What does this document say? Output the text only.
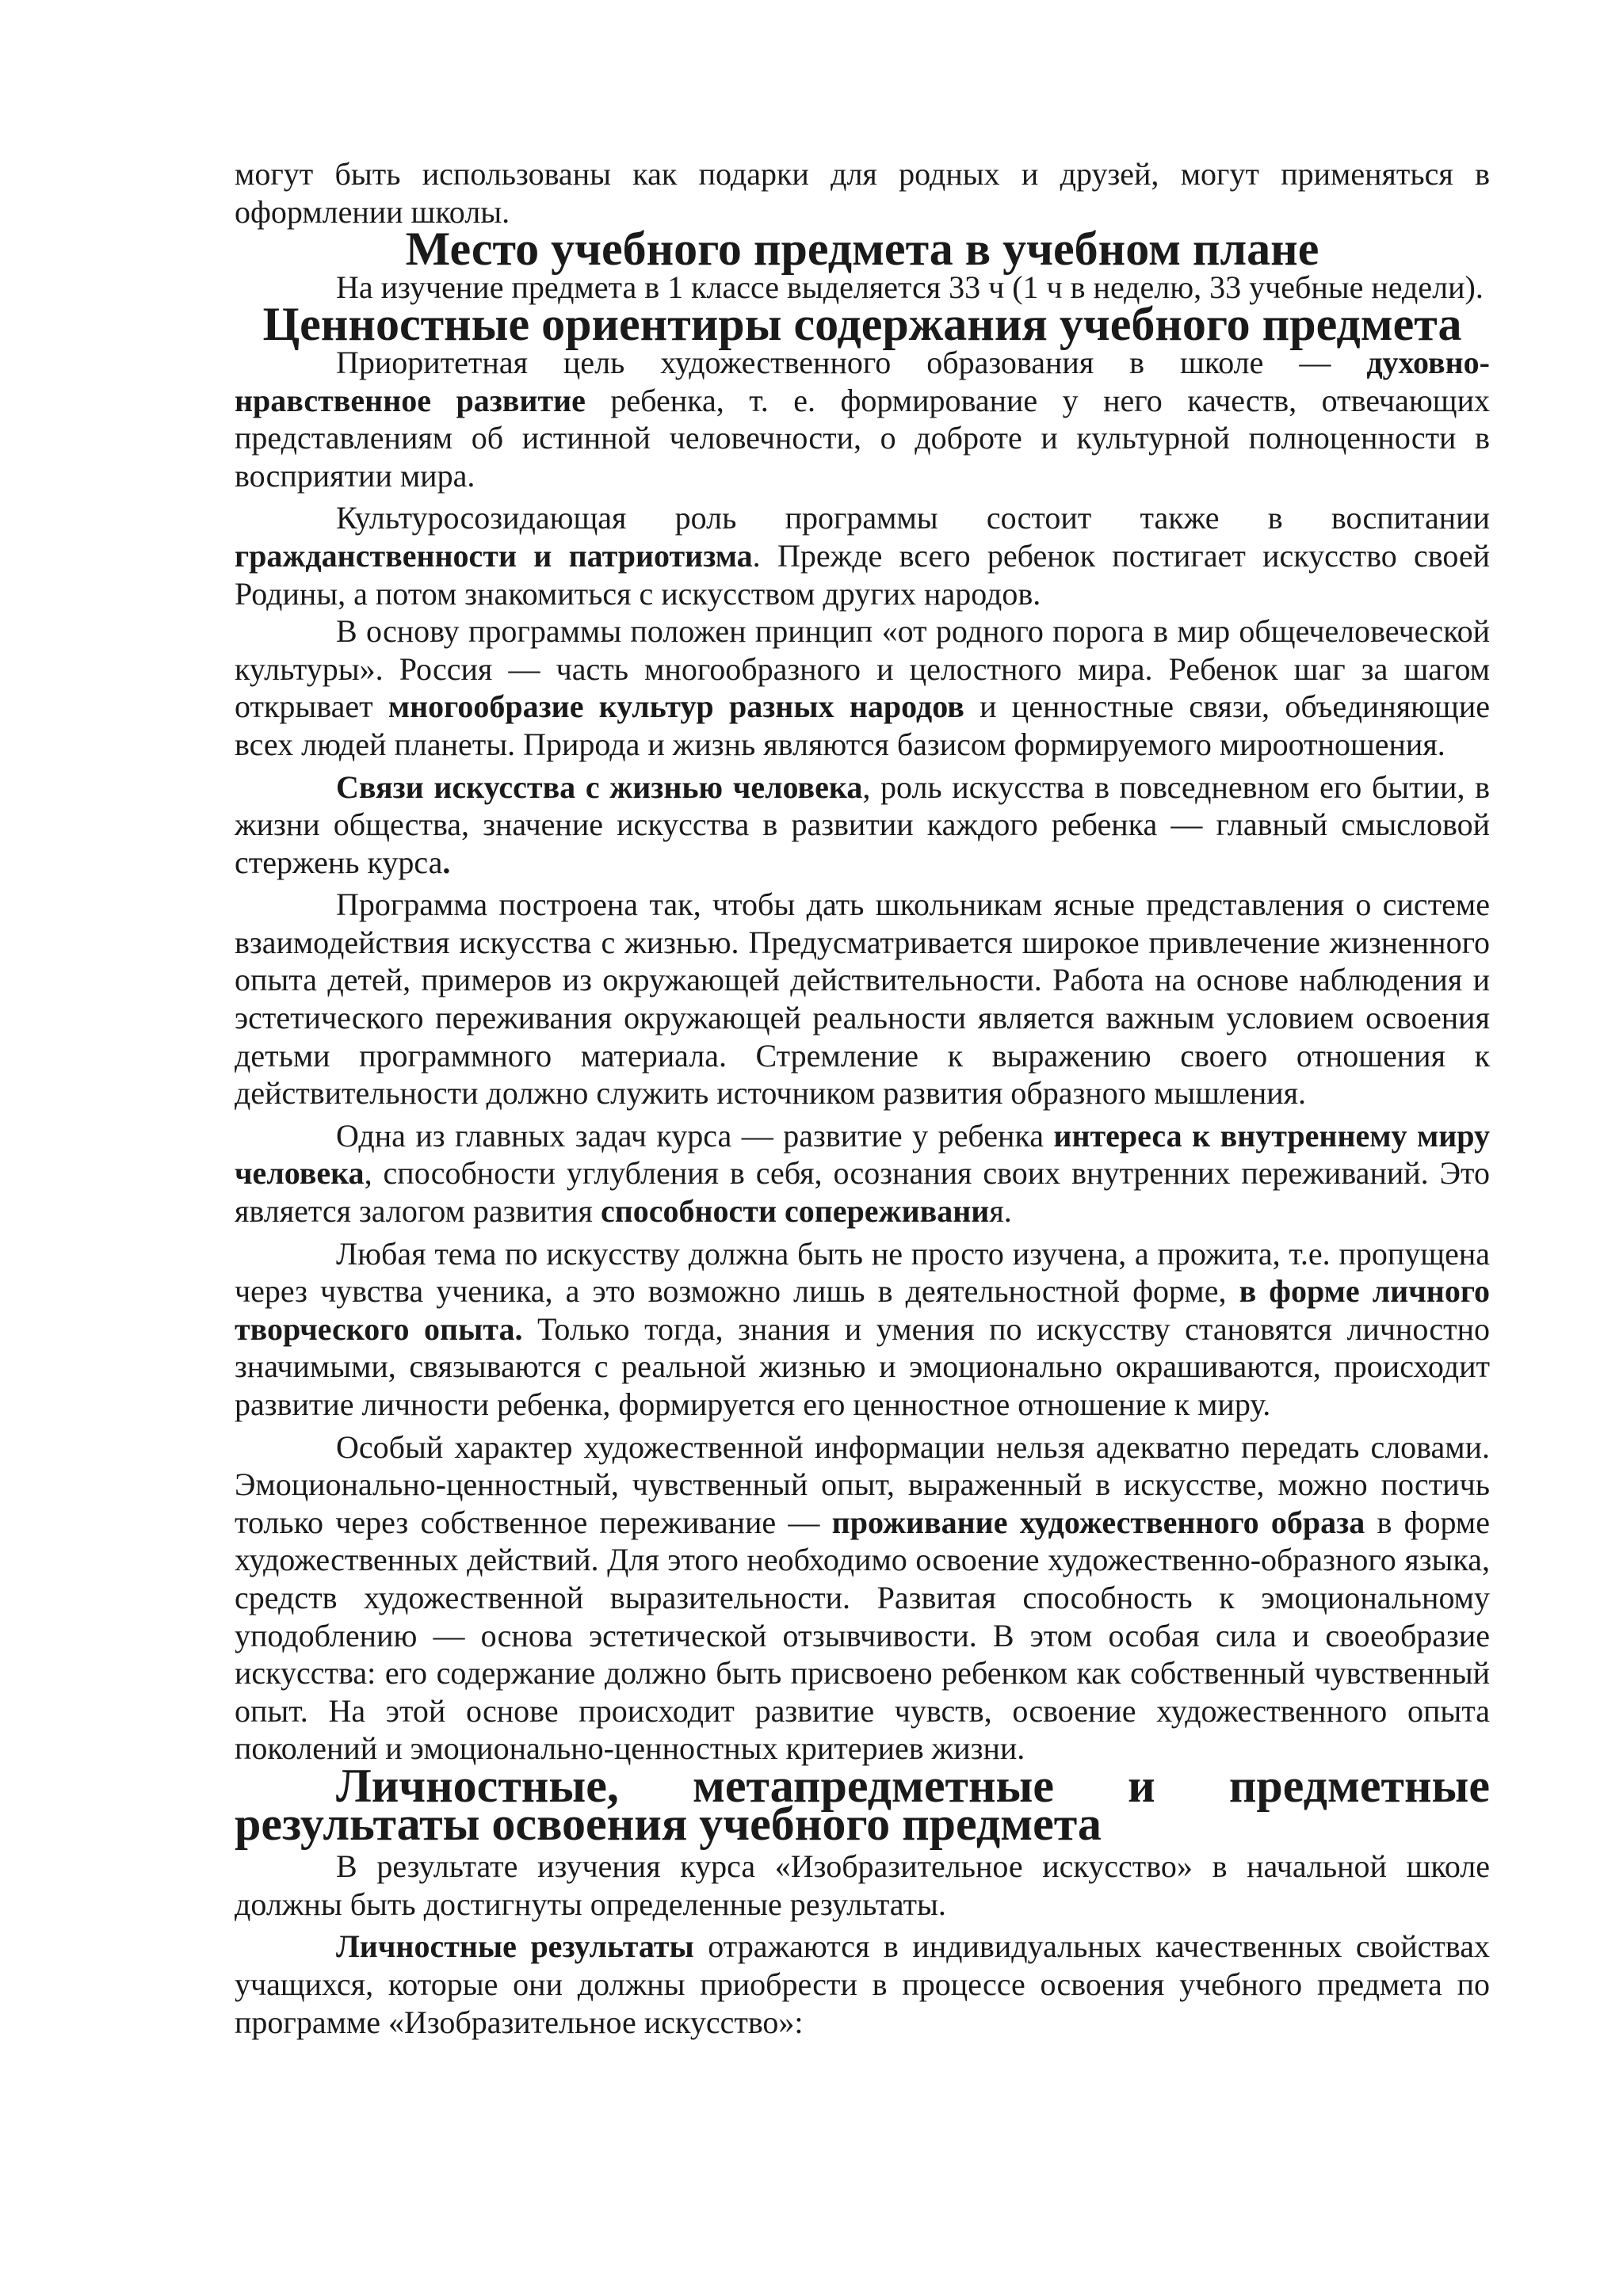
могут быть использованы как подарки для родных и друзей, могут применяться в оформлении школы.

Место учебного предмета в учебном плане

На изучение предмета в 1 классе выделяется 33 ч (1 ч в неделю, 33 учебные недели).

Ценностные ориентиры содержания учебного предмета

Приоритетная цель художественного образования в школе — духовно-нравственное развитие ребенка, т. е. формирование у него качеств, отвечающих представлениям об истинной человечности, о доброте и культурной полноценности в восприятии мира.

Культуросозидающая роль программы состоит также в воспитании гражданственности и патриотизма. Прежде всего ребенок постигает искусство своей Родины, а потом знакомиться с искусством других народов.

В основу программы положен принцип «от родного порога в мир общечеловеческой культуры». Россия — часть многообразного и целостного мира. Ребенок шаг за шагом открывает многообразие культур разных народов и ценностные связи, объединяющие всех людей планеты. Природа и жизнь являются базисом формируемого мироотношения.

Связи искусства с жизнью человека, роль искусства в повседневном его бытии, в жизни общества, значение искусства в развитии каждого ребенка — главный смысловой стержень курса.

Программа построена так, чтобы дать школьникам ясные представления о системе взаимодействия искусства с жизнью. Предусматривается широкое привлечение жизненного опыта детей, примеров из окружающей действительности. Работа на основе наблюдения и эстетического переживания окружающей реальности является важным условием освоения детьми программного материала. Стремление к выражению своего отношения к действительности должно служить источником развития образного мышления.

Одна из главных задач курса — развитие у ребенка интереса к внутреннему миру человека, способности углубления в себя, осознания своих внутренних переживаний. Это является залогом развития способности сопереживания.

Любая тема по искусству должна быть не просто изучена, а прожита, т.е. пропущена через чувства ученика, а это возможно лишь в деятельностной форме, в форме личного творческого опыта. Только тогда, знания и умения по искусству становятся личностно значимыми, связываются с реальной жизнью и эмоционально окрашиваются, происходит развитие личности ребенка, формируется его ценностное отношение к миру.

Особый характер художественной информации нельзя адекватно передать словами. Эмоционально-ценностный, чувственный опыт, выраженный в искусстве, можно постичь только через собственное переживание — проживание художественного образа в форме художественных действий. Для этого необходимо освоение художественно-образного языка, средств художественной выразительности. Развитая способность к эмоциональному уподоблению — основа эстетической отзывчивости. В этом особая сила и своеобразие искусства: его содержание должно быть присвоено ребенком как собственный чувственный опыт. На этой основе происходит развитие чувств, освоение художественного опыта поколений и эмоционально-ценностных критериев жизни.

Личностные, метапредметные и предметные результаты освоения учебного предмета

В результате изучения курса «Изобразительное искусство» в начальной школе должны быть достигнуты определенные результаты.

Личностные результаты отражаются в индивидуальных качественных свойствах учащихся, которые они должны приобрести в процессе освоения учебного предмета по программе «Изобразительное искусство»:
